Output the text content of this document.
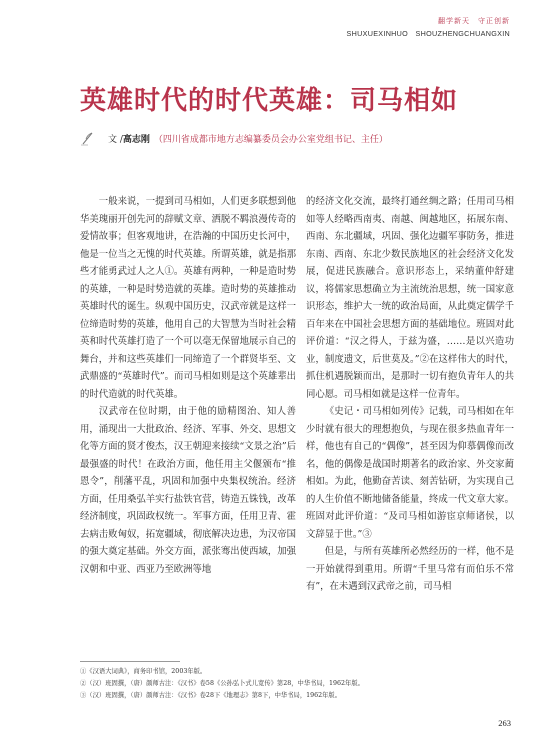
翻学新天　守正创新
SHUXUEXINHUO　SHOUZHENGCHUANGXIN
英雄时代的时代英雄：司马相如
文 / 高志刚 （四川省成都市地方志编纂委员会办公室党组书记、主任）

一般来说，一提到司马相如，人们更多联想到他华美瑰丽开创先河的辞赋文章、洒脱不羁浪漫传奇的爱情故事；但客观地讲，在浩瀚的中国历史长河中，他是一位当之无愧的时代英雄。所谓英雄，就是指那些才能勇武过人之人①。英雄有两种，一种是造时势的英雄，一种是时势造就的英雄。造时势的英雄推动英雄时代的诞生。纵观中国历史，汉武帝就是这样一位缔造时势的英雄，他用自己的大智慧为当时社会精英和时代英雄打造了一个可以毫无保留地展示自己的舞台，并和这些英雄们一同缔造了一个群贤毕至、文武鼎盛的“英雄时代”。而司马相如则是这个英雄辈出的时代造就的时代英雄。

汉武帝在位时期，由于他的励精图治、知人善用，涌现出一大批政治、经济、军事、外交、思想文化等方面的贤才俊杰，汉王朝迎来接续“文景之治”后最强盛的时代！在政治方面，他任用主父偃颁布“推恩令”，削藩平乱，巩固和加强中央集权统治。经济方面，任用桑弘羊实行盐铁官营，铸造五铢钱，改革经济制度，巩固政权统一。军事方面，任用卫青、霍去病击败匈奴，拓宽疆域，彻底解决边患，为汉帝国的强大奠定基础。外交方面，派张骞出使西域，加强汉朝和中亚、西亚乃至欧洲等地

的经济文化交流，最终打通丝绸之路；任用司马相如等人经略西南夷、南越、闽越地区，拓展东南、西南、东北疆域，巩固、强化边疆军事防务，推进东南、西南、东北少数民族地区的社会经济文化发展，促进民族融合。意识形态上，采纳董仲舒建议，将儒家思想确立为主流统治思想，统一国家意识形态，维护大一统的政治局面，从此奠定儒学千百年来在中国社会思想方面的基础地位。班固对此评价道：“汉之得人，于兹为盛，……是以兴造功业，制度遗文，后世莫及。”②在这样伟大的时代，抓住机遇脱颖而出，是那时一切有抱负青年人的共同心愿。司马相如就是这样一位青年。

《史记・司马相如列传》记载，司马相如在年少时就有很大的理想抱负，与现在很多热血青年一样，他也有自己的“偶像”，甚至因为仰慕偶像而改名，他的偶像是战国时期著名的政治家、外交家蔺相如。为此，他勤奋苦读、刻苦钻研，为实现自己的人生价值不断地储备能量，终成一代文章大家。班固对此评价道：“及司马相如游宦京师诸侯，以文辞显于世。”③

但是，与所有英雄所必然经历的一样，他不是一开始就得到重用。所谓“千里马常有而伯乐不常有”，在未遇到汉武帝之前，司马相

①《汉语大词典》，商务印书馆，2003年版。
②（汉）班固撰，（唐）颜师古注：《汉书》卷58《公孙弘卜式儿宽传》第28，中华书局，1962年版。
③（汉）班固撰，（唐）颜师古注：《汉书》卷28下《地理志》第8下，中华书局，1962年版。
263
